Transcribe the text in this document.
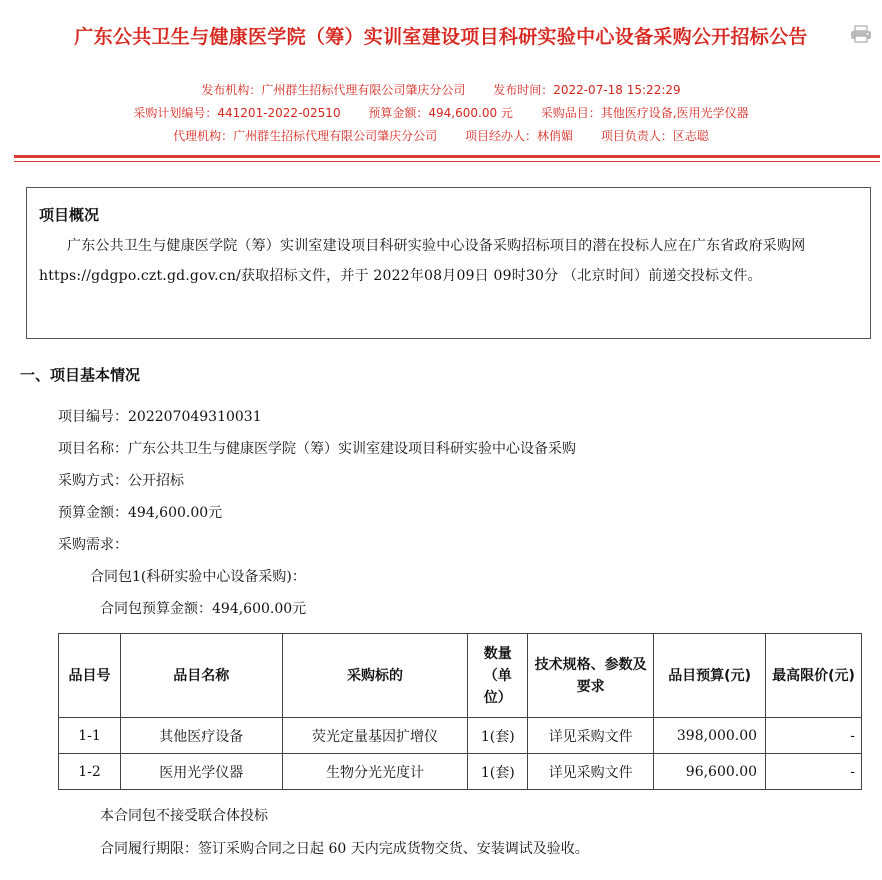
广东公共卫生与健康医学院（筹）实训室建设项目科研实验中心设备采购公开招标公告
发布机构：广州群生招标代理有限公司肇庆分公司 发布时间：2022-07-18 15:22:29
采购计划编号：441201-2022-02510 预算金额：494,600.00 元 采购品目：其他医疗设备,医用光学仪器
代理机构：广州群生招标代理有限公司肇庆分公司 项目经办人：林俏媚 项目负责人：区志聪
项目概况
广东公共卫生与健康医学院（筹）实训室建设项目科研实验中心设备采购招标项目的潜在投标人应在广东省政府采购网https://gdgpo.czt.gd.gov.cn/获取招标文件，并于 2022年08月09日 09时30分 （北京时间）前递交投标文件。
一、项目基本情况
项目编号：202207049310031
项目名称：广东公共卫生与健康医学院（筹）实训室建设项目科研实验中心设备采购
采购方式：公开招标
预算金额：494,600.00元
采购需求：
合同包1(科研实验中心设备采购)：
合同包预算金额：494,600.00元
品目号	品目名称	采购标的	数量（单位）	技术规格、参数及要求	品目预算(元)	最高限价(元)
1-1	其他医疗设备	荧光定量基因扩增仪	1(套)	详见采购文件	398,000.00	-
1-2	医用光学仪器	生物分光光度计	1(套)	详见采购文件	96,600.00	-
本合同包不接受联合体投标
合同履行期限：签订采购合同之日起 60 天内完成货物交货、安装调试及验收。
